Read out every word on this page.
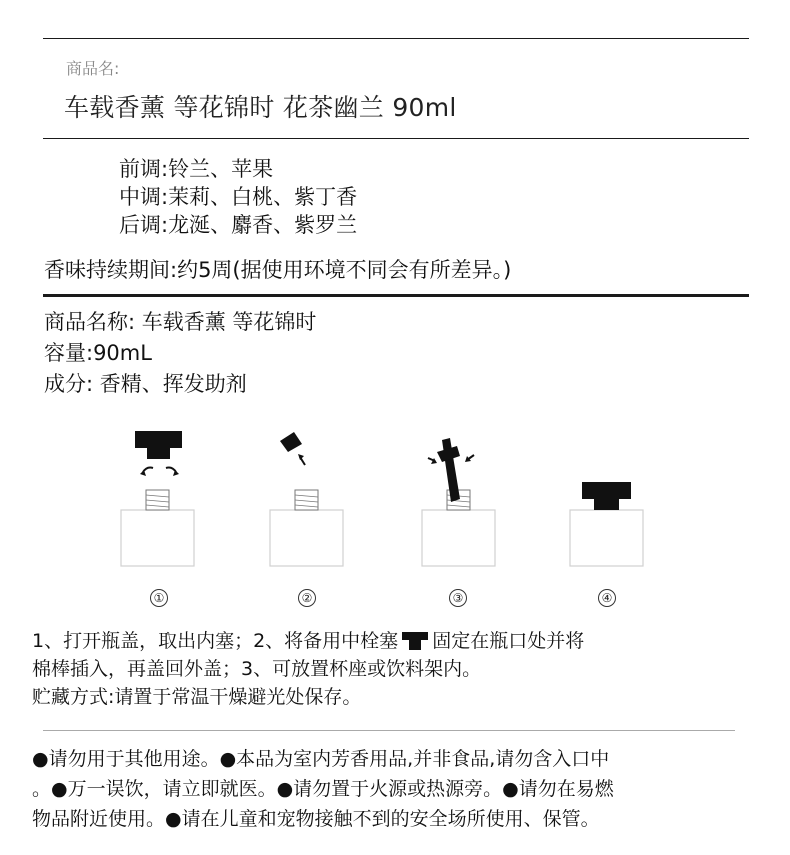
商品名:
车载香薰 等花锦时 花茶幽兰 90ml
前调:铃兰、苹果
中调:茉莉、白桃、紫丁香
后调:龙涎、麝香、紫罗兰
香味持续期间:约5周(据使用环境不同会有所差异。)
商品名称: 车载香薰 等花锦时
容量:90mL
成分: 香精、挥发助剂
①	②	③	④
1、打开瓶盖，取出内塞；2、将备用中栓塞 固定在瓶口处并将
棉棒插入，再盖回外盖；3、可放置杯座或饮料架内。
贮藏方式:请置于常温干燥避光处保存。
●请勿用于其他用途。●本品为室内芳香用品,并非食品,请勿含入口中
。●万一误饮，请立即就医。●请勿置于火源或热源旁。●请勿在易燃
物品附近使用。●请在儿童和宠物接触不到的安全场所使用、保管。
